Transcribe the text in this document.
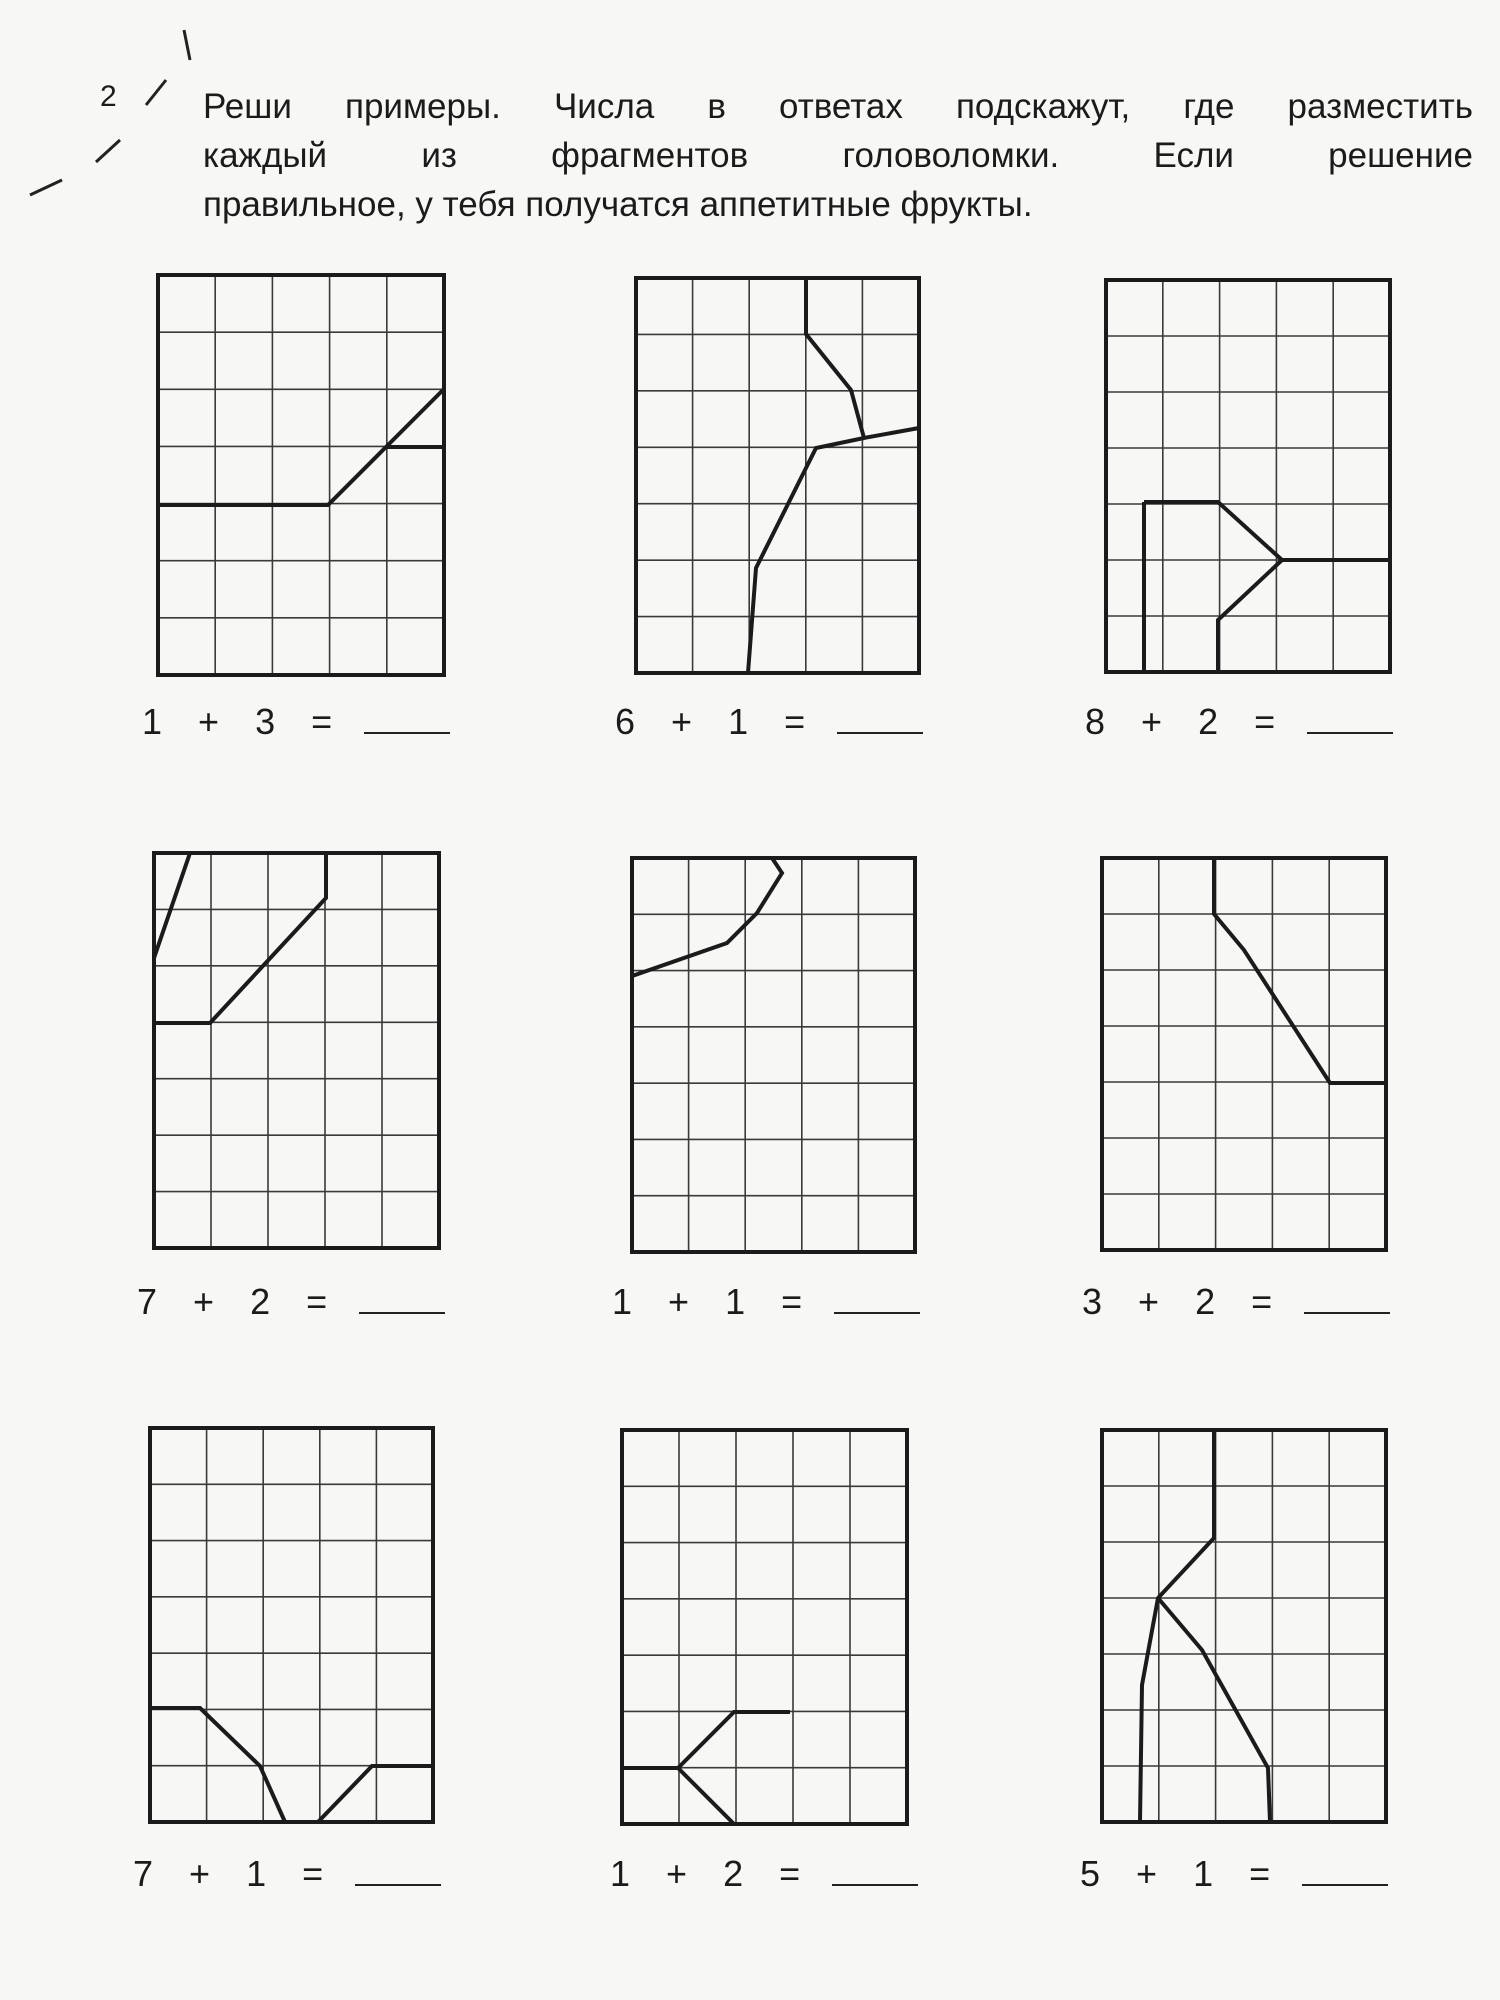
2 Реши примеры. Числа в ответах подскажут, где разместить
каждый из фрагментов головоломки. Если решение
правильное, у тебя получатся аппетитные фрукты.

1 + 3 =	6 + 1 =	8 + 2 =
7 + 2 =	1 + 1 =	3 + 2 =
7 + 1 =	1 + 2 =	5 + 1 =
